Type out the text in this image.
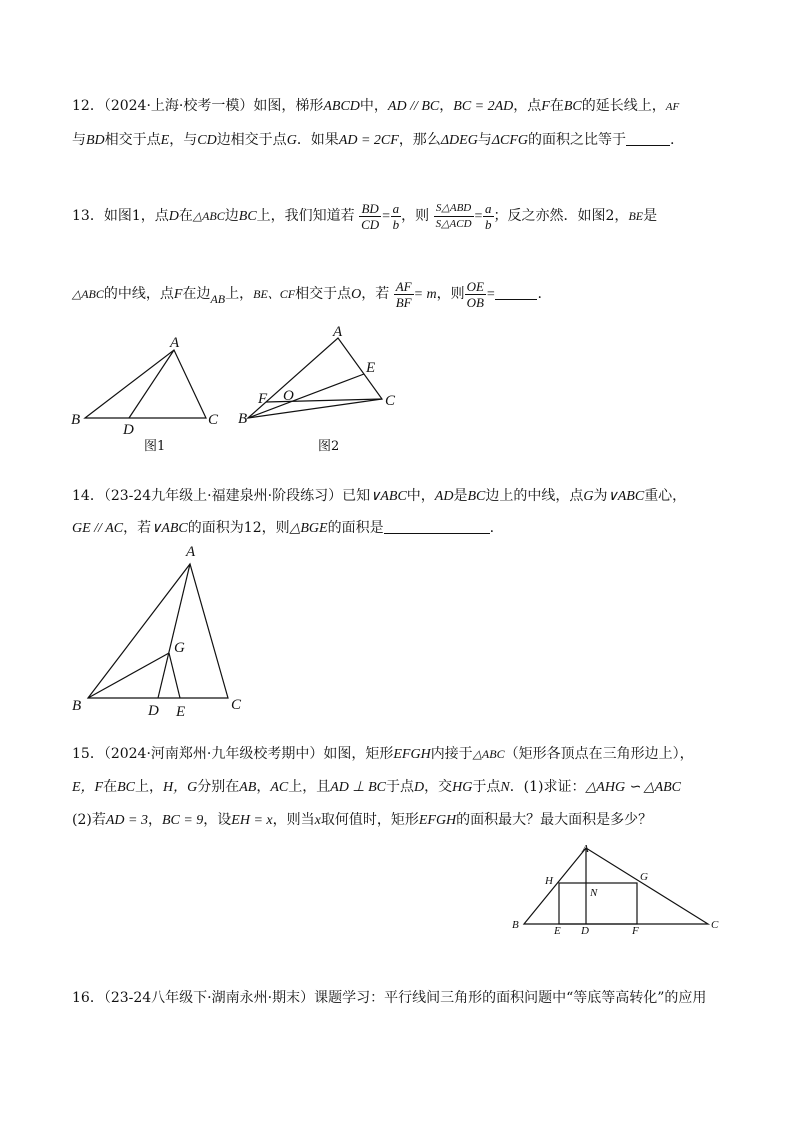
12．（2024·上海·校考一模）如图，梯形ABCD中，AD // BC，BC = 2AD，点F在BC的延长线上，AF
与BD相交于点E，与CD边相交于点G．如果AD = 2CF，那么ΔDEG与ΔCFG的面积之比等于	.
13．如图1，点D在△ABC边BC上，我们知道若 $\frac{BD}{CD} = \frac{a}{b}$ ，则 $\frac{\text{S△ABD}}{\text{S△ACD}} = \frac{a}{b}$ ；反之亦然．如图2，BE是
△ABC的中线，点F在边AB上，BE、CF相交于点O，若 $\frac{AF}{BF} = m$，则 $\frac{OE}{OB}$ =	.
A
B	C
D
图1
A
B
C
E
F O
图2
14．（23-24九年级上·福建泉州·阶段练习）已知∨ABC中，AD是BC边上的中线，点G为∨ABC重心，
GE // AC，若∨ABC的面积为12，则△BGE的面积是	.
A
B	C
D E
G
15．（2024·河南郑州·九年级校考期中）如图，矩形EFGH内接于△ABC（矩形各顶点在三角形边上），
E，F在BC上，H，G分别在AB，AC上，且AD ⊥ BC于点D，交HG于点N．(1)求证：△AHG ∽ △ABC
(2)若AD = 3，BC = 9，设EH = x，则当x取何值时，矩形EFGH的面积最大？最大面积是多少？
A
B	C
D
E	F
G
H
N
16．（23-24八年级下·湖南永州·期末）课题学习：平行线间三角形的面积问题中“等底等高转化”的应用
